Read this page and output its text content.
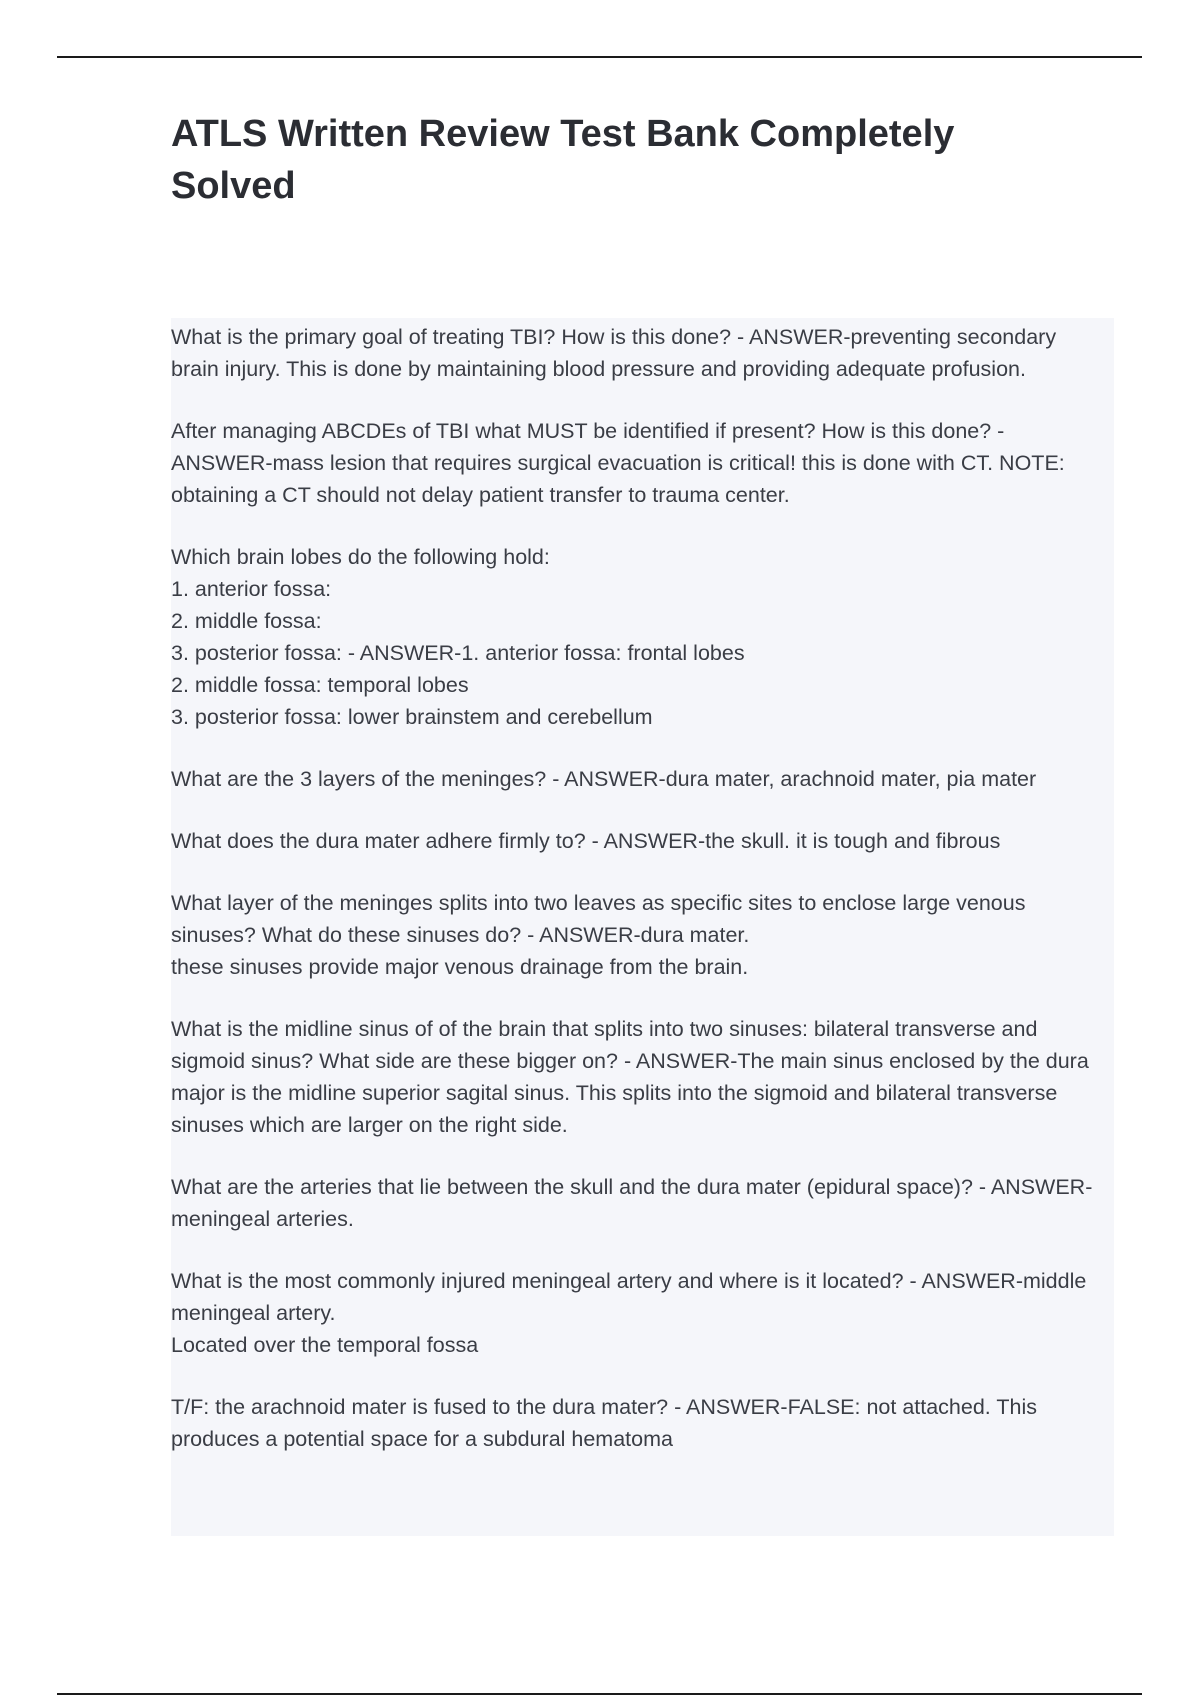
ATLS Written Review Test Bank Completely Solved

What is the primary goal of treating TBI? How is this done? - ANSWER-preventing secondary brain injury. This is done by maintaining blood pressure and providing adequate profusion.

After managing ABCDEs of TBI what MUST be identified if present? How is this done? - ANSWER-mass lesion that requires surgical evacuation is critical! this is done with CT. NOTE: obtaining a CT should not delay patient transfer to trauma center.

Which brain lobes do the following hold:
1. anterior fossa:
2. middle fossa:
3. posterior fossa: - ANSWER-1. anterior fossa: frontal lobes
2. middle fossa: temporal lobes
3. posterior fossa: lower brainstem and cerebellum

What are the 3 layers of the meninges? - ANSWER-dura mater, arachnoid mater, pia mater

What does the dura mater adhere firmly to? - ANSWER-the skull. it is tough and fibrous

What layer of the meninges splits into two leaves as specific sites to enclose large venous sinuses? What do these sinuses do? - ANSWER-dura mater.
these sinuses provide major venous drainage from the brain.

What is the midline sinus of of the brain that splits into two sinuses: bilateral transverse and sigmoid sinus? What side are these bigger on? - ANSWER-The main sinus enclosed by the dura major is the midline superior sagital sinus. This splits into the sigmoid and bilateral transverse sinuses which are larger on the right side.

What are the arteries that lie between the skull and the dura mater (epidural space)? - ANSWER-meningeal arteries.

What is the most commonly injured meningeal artery and where is it located? - ANSWER-middle meningeal artery.
Located over the temporal fossa

T/F: the arachnoid mater is fused to the dura mater? - ANSWER-FALSE: not attached. This produces a potential space for a subdural hematoma
